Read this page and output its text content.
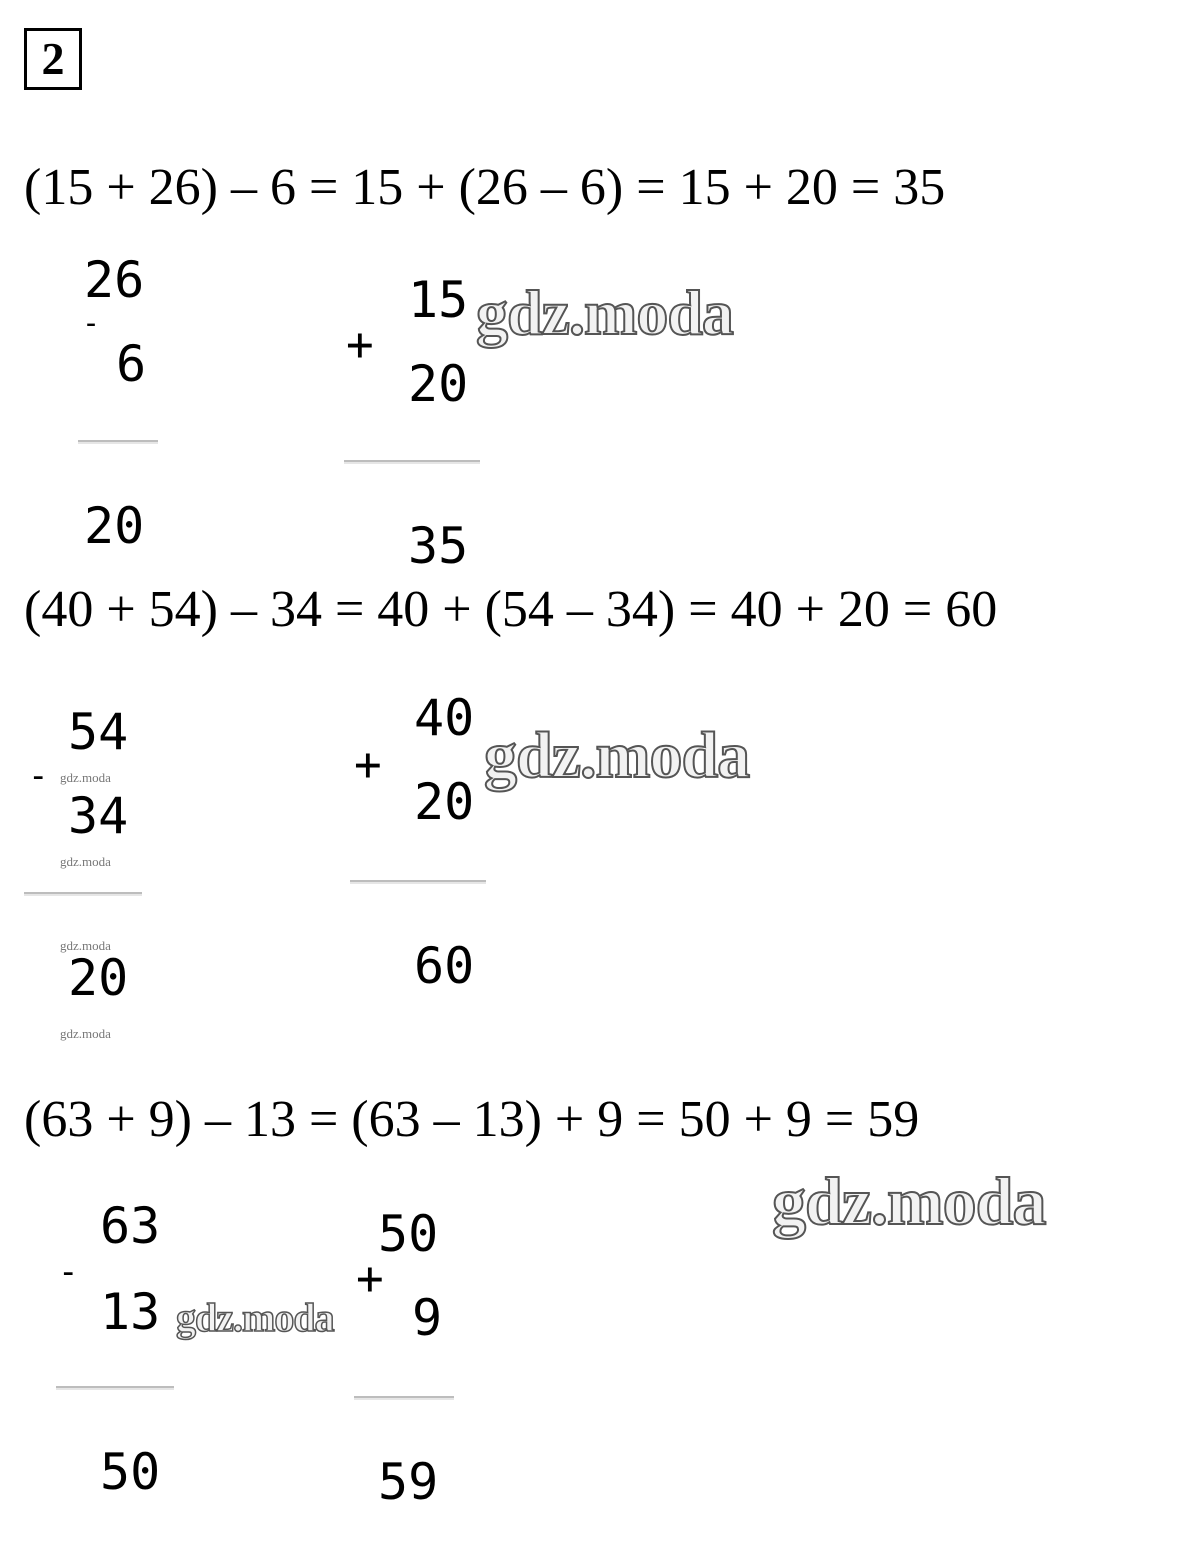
2
(15 + 26) – 6 = 15 + (26 – 6) = 15 + 20 = 35
26
-
6
20
15
+
20
35
gdz.moda
(40 + 54) – 34 = 40 + (54 – 34) = 40 + 20 = 60
54
-
34
20
40
+
20
60
gdz.moda
gdz.moda
gdz.moda
gdz.moda
gdz.moda
(63 + 9) – 13 = (63 – 13) + 9 = 50 + 9 = 59
63
-
13
50
50
+
9
59
gdz.moda
gdz.moda
